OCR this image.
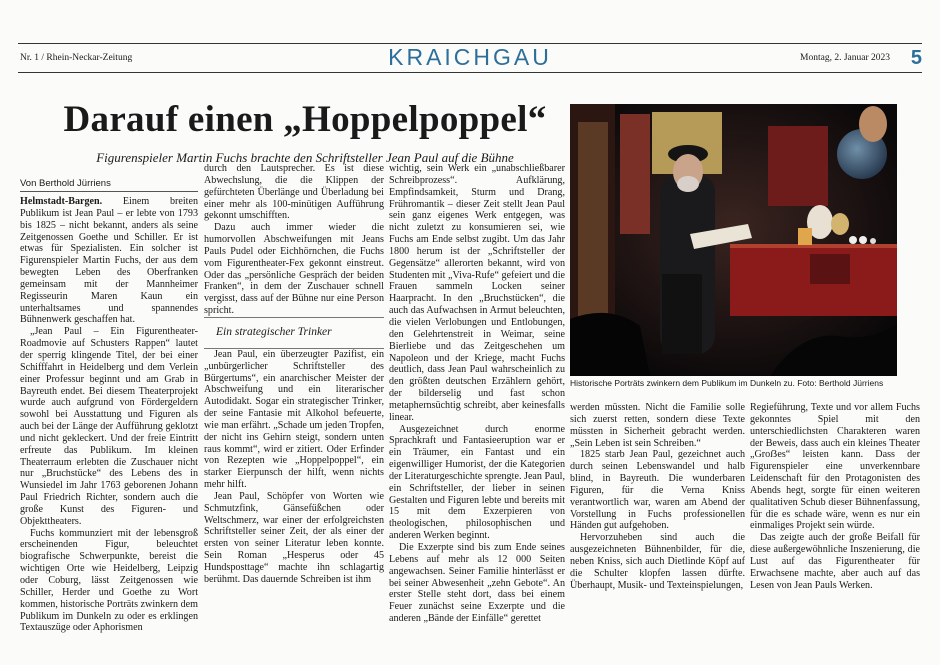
Nr. 1 / Rhein-Neckar-Zeitung	KRAICHGAU	Montag, 2. Januar 2023 5
Darauf einen „Hoppelpoppel“
Figurenspieler Martin Fuchs brachte den Schriftsteller Jean Paul auf die Bühne
Historische Porträts zwinkern dem Publikum im Dunkeln zu. Foto: Berthold Jürriens
Von Berthold Jürriens

Helmstadt-Bargen. Einem breiten Publikum ist Jean Paul – er lebte von 1793 bis 1825 – nicht bekannt, anders als seine Zeitgenossen Goethe und Schiller. Er ist etwas für Spezialisten. Ein solcher ist Figurenspieler Martin Fuchs, der aus dem bewegten Leben des Oberfranken gemeinsam mit der Mannheimer Regisseurin Maren Kaun ein unterhaltsames und spannendes Bühnenwerk geschaffen hat.

„Jean Paul – Ein Figurentheater-Roadmovie auf Schusters Rappen“ lautet der sperrig klingende Titel, der bei einer Schifffahrt in Heidelberg und dem Verlein einer Professur beginnt und am Grab in Bayreuth endet. Bei diesem Theaterprojekt wurde auch aufgrund von Fördergeldern sowohl bei Ausstattung und Figuren als auch bei der Länge der Aufführung geklotzt und nicht gekleckert. Und der freie Eintritt erfreute das Publikum. Im kleinen Theaterraum erlebten die Zuschauer nicht nur „Bruchstücke“ des Lebens des in Wunsiedel im Jahr 1763 geborenen Johann Paul Friedrich Richter, sondern auch die große Kunst des Figuren- und Objekttheaters.

Fuchs kommunziert mit der lebensgroß erscheinenden Figur, beleuchtet biografische Schwerpunkte, bereist die wichtigen Orte wie Heidelberg, Leipzig oder Coburg, lässt Zeitgenossen wie Schiller, Herder und Goethe zu Wort kommen, historische Porträts zwinkern dem Publikum im Dunkeln zu oder es erklingen Textauszüge oder Aphorismen

durch den Lautsprecher. Es ist diese Abwechslung, die die Klippen der gefürchteten Überlänge und Überladung bei einer mehr als 100-minütigen Aufführung gekonnt umschifften.

Dazu auch immer wieder die humorvollen Abschweifungen mit Jeans Pauls Pudel oder Eichhörnchen, die Fuchs vom Figurentheater-Fex gekonnt einstreut. Oder das „persönliche Gespräch der beiden Franken“, in dem der Zuschauer schnell vergisst, dass auf der Bühne nur eine Person spricht.

Ein strategischer Trinker

Jean Paul, ein überzeugter Pazifist, ein „unbürgerlicher Schriftsteller des Bürgertums“, ein anarchischer Meister der Abschweifung und ein literarischer Autodidakt. Sogar ein strategischer Trinker, der seine Fantasie mit Alkohol befeuerte, wie man erfährt. „Schade um jeden Tropfen, der nicht ins Gehirn steigt, sondern unten raus kommt“, wird er zitiert. Oder Erfinder von Rezepten wie „Hoppelpoppel“, ein starker Eierpunsch der hilft, wenn nichts mehr hilft.

Jean Paul, Schöpfer von Worten wie Schmutzfink, Gänsefüßchen oder Weltschmerz, war einer der erfolgreichsten Schriftsteller seiner Zeit, der als einer der ersten von seiner Literatur leben konnte. Sein Roman „Hesperus oder 45 Hundsposttage“ machte ihn schlagartig berühmt. Das dauernde Schreiben ist ihm

wichtig, sein Werk ein „unabschließbarer Schreibprozess“. Aufklärung, Empfindsamkeit, Sturm und Drang, Frühromantik – dieser Zeit stellt Jean Paul sein ganz eigenes Werk entgegen, was nicht zuletzt zu konsumieren sei, wie Fuchs am Ende selbst zugibt. Um das Jahr 1800 herum ist der „Schriftsteller der Gegensätze“ allerorten bekannt, wird von Studenten mit „Viva-Rufe“ gefeiert und die Frauen sammeln Locken seiner Haarpracht. In den „Bruchstücken“, die auch das Aufwachsen in Armut beleuchten, die vielen Verlobungen und Entlobungen, den Gelehrtenstreit in Weimar, seine Bierliebe und das Zeitgeschehen um Napoleon und der Kriege, macht Fuchs deutlich, dass Jean Paul wahrscheinlich zu den größten deutschen Erzählern gehört, der bilderselig und fast schon metaphernsüchtig schreibt, aber keinesfalls linear.

Ausgezeichnet durch enorme Sprachkraft und Fantasieeruption war er ein Träumer, ein Fantast und ein eigenwilliger Humorist, der die Kategorien der Literaturgeschichte sprengte. Jean Paul, ein Schriftsteller, der lieber in seinen Gestalten und Figuren lebte und bereits mit 15 mit dem Exzerpieren von theologischen, philosophischen und anderen Werken beginnt.

Die Exzerpte sind bis zum Ende seines Lebens auf mehr als 12 000 Seiten angewachsen. Seiner Familie hinterlässt er bei seiner Abwesenheit „zehn Gebote“. An erster Stelle steht dort, dass bei einem Feuer zunächst seine Exzerpte und die anderen „Bände der Einfälle“ gerettet

werden müssten. Nicht die Familie solle sich zuerst retten, sondern diese Texte müssten in Sicherheit gebracht werden. „Sein Leben ist sein Schreiben.“

1825 starb Jean Paul, gezeichnet auch durch seinen Lebenswandel und halb blind, in Bayreuth. Die wunderbaren Figuren, für die Verna Kniss verantwortlich war, waren am Abend der Vorstellung in Fuchs professionellen Händen gut aufgehoben.

Hervorzuheben sind auch die ausgezeichneten Bühnenbilder, für die, neben Kniss, sich auch Dietlinde Köpf auf die Schulter klopfen lassen dürfte. Überhaupt, Musik- und Texteinspielungen,

Regieführung, Texte und vor allem Fuchs gekonntes Spiel mit den unterschiedlichsten Charakteren waren der Beweis, dass auch ein kleines Theater „Groẞes“ leisten kann. Dass der Figurenspieler eine unverkennbare Leidenschaft für den Protagonisten des Abends hegt, sorgte für einen weiteren qualitativen Schub dieser Bühnenfassung, für die es schade wäre, wenn es nur ein einmaliges Projekt sein würde.

Das zeigte auch der große Beifall für diese außergewöhnliche Inszenierung, die Lust auf das Figurentheater für Erwachsene machte, aber auch auf das Lesen von Jean Pauls Werken.
